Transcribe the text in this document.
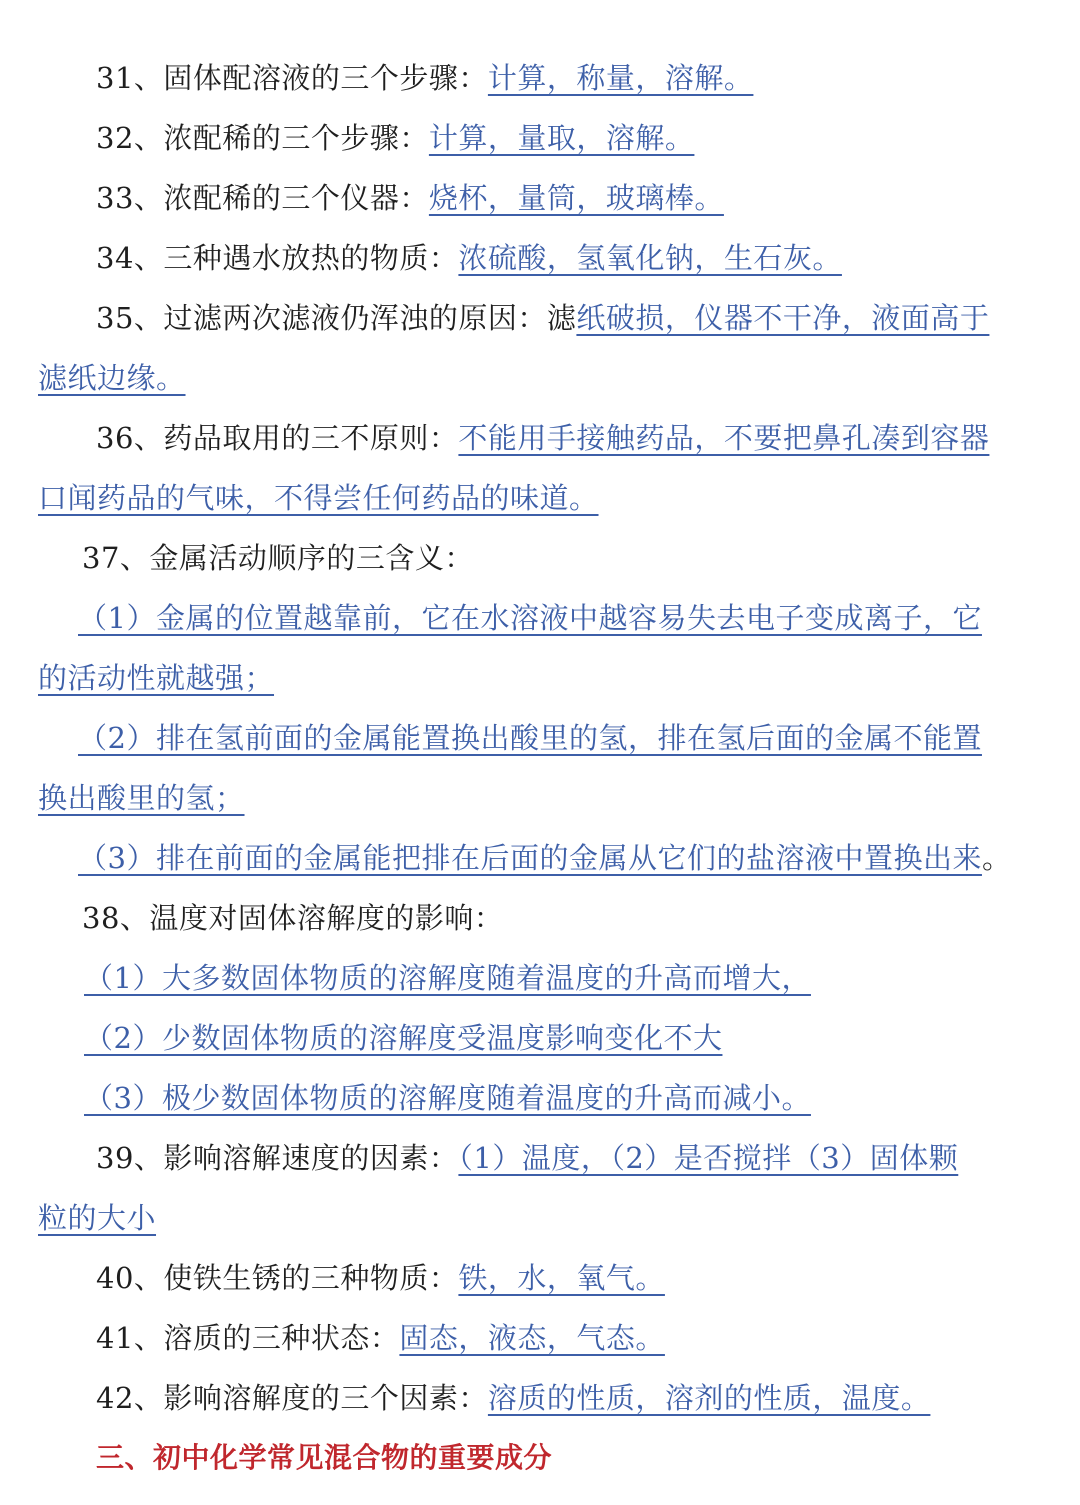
31、固体配溶液的三个步骤：计算，称量，溶解。
32、浓配稀的三个步骤：计算，量取，溶解。
33、浓配稀的三个仪器：烧杯，量筒，玻璃棒。
34、三种遇水放热的物质：浓硫酸，氢氧化钠，生石灰。
35、过滤两次滤液仍浑浊的原因：滤纸破损，仪器不干净，液面高于
滤纸边缘。
36、药品取用的三不原则：不能用手接触药品，不要把鼻孔凑到容器
口闻药品的气味，不得尝任何药品的味道。
37、金属活动顺序的三含义：
（1）金属的位置越靠前，它在水溶液中越容易失去电子变成离子，它
的活动性就越强；
（2）排在氢前面的金属能置换出酸里的氢，排在氢后面的金属不能置
换出酸里的氢；
（3）排在前面的金属能把排在后面的金属从它们的盐溶液中置换出来。
38、温度对固体溶解度的影响：
（1）大多数固体物质的溶解度随着温度的升高而增大，
（2）少数固体物质的溶解度受温度影响变化不大
（3）极少数固体物质的溶解度随着温度的升高而减小。
39、影响溶解速度的因素：（1）温度，（2）是否搅拌（3）固体颗
粒的大小
40、使铁生锈的三种物质：铁，水，氧气。
41、溶质的三种状态：固态，液态，气态。
42、影响溶解度的三个因素：溶质的性质，溶剂的性质，温度。
三、初中化学常见混合物的重要成分
